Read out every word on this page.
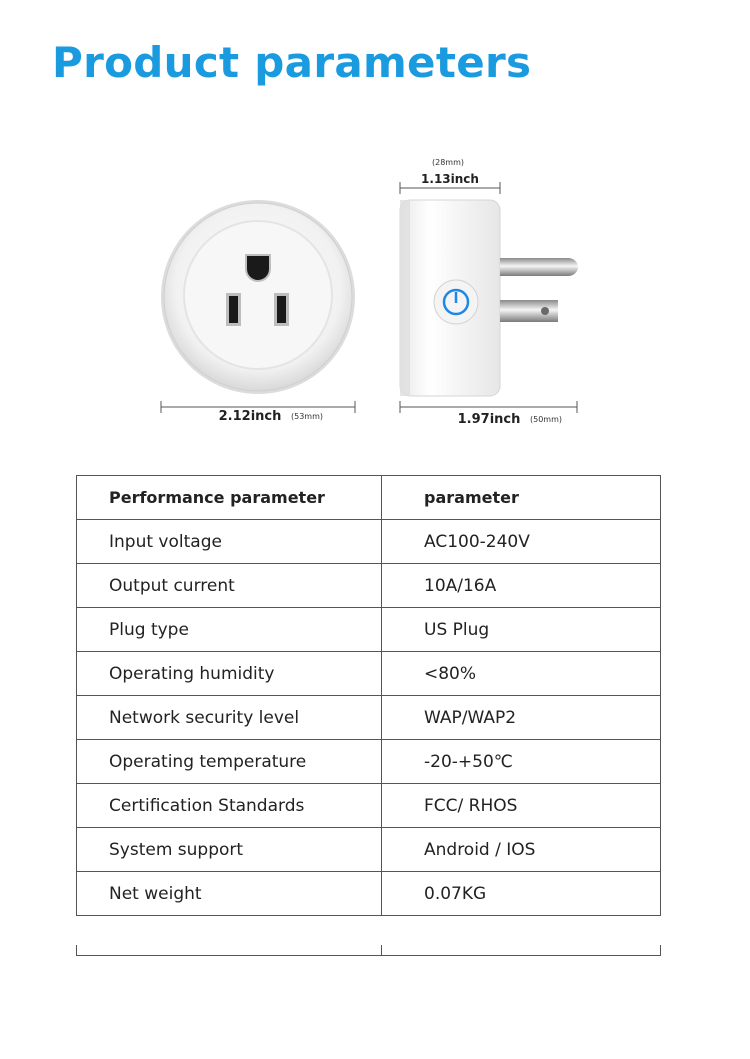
Product parameters
2.12inch (53mm)
(28mm)
1.13inch
1.97inch (50mm)
Performance parameter	parameter
Input voltage	AC100-240V
Output current	10A/16A
Plug type	US Plug
Operating humidity	<80%
Network security level	WAP/WAP2
Operating temperature	-20-+50℃
Certification Standards	FCC/ RHOS
System support	Android / IOS
Net weight	0.07KG
